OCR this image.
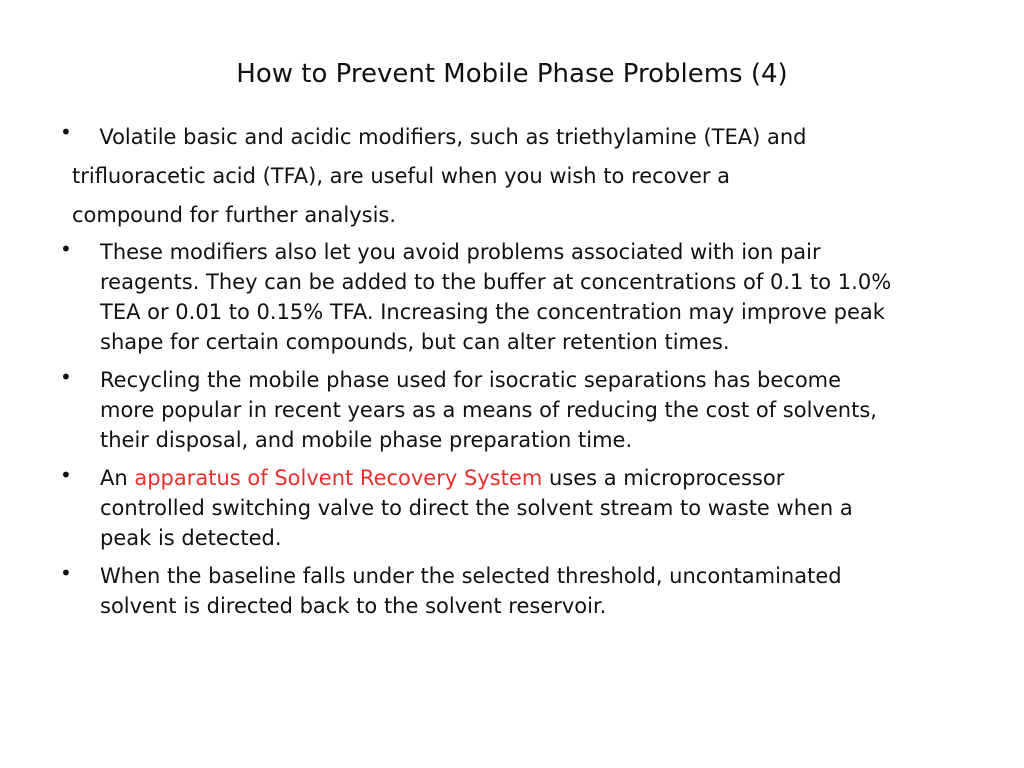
How to Prevent Mobile Phase Problems (4)
• Volatile basic and acidic modifiers, such as triethylamine (TEA) and
trifluoracetic acid (TFA), are useful when you wish to recover a
compound for further analysis.
• These modifiers also let you avoid problems associated with ion pair
reagents. They can be added to the buffer at concentrations of 0.1 to 1.0%
TEA or 0.01 to 0.15% TFA. Increasing the concentration may improve peak
shape for certain compounds, but can alter retention times.
• Recycling the mobile phase used for isocratic separations has become
more popular in recent years as a means of reducing the cost of solvents,
their disposal, and mobile phase preparation time.
• An apparatus of Solvent Recovery System uses a microprocessor
controlled switching valve to direct the solvent stream to waste when a
peak is detected.
• When the baseline falls under the selected threshold, uncontaminated
solvent is directed back to the solvent reservoir.
